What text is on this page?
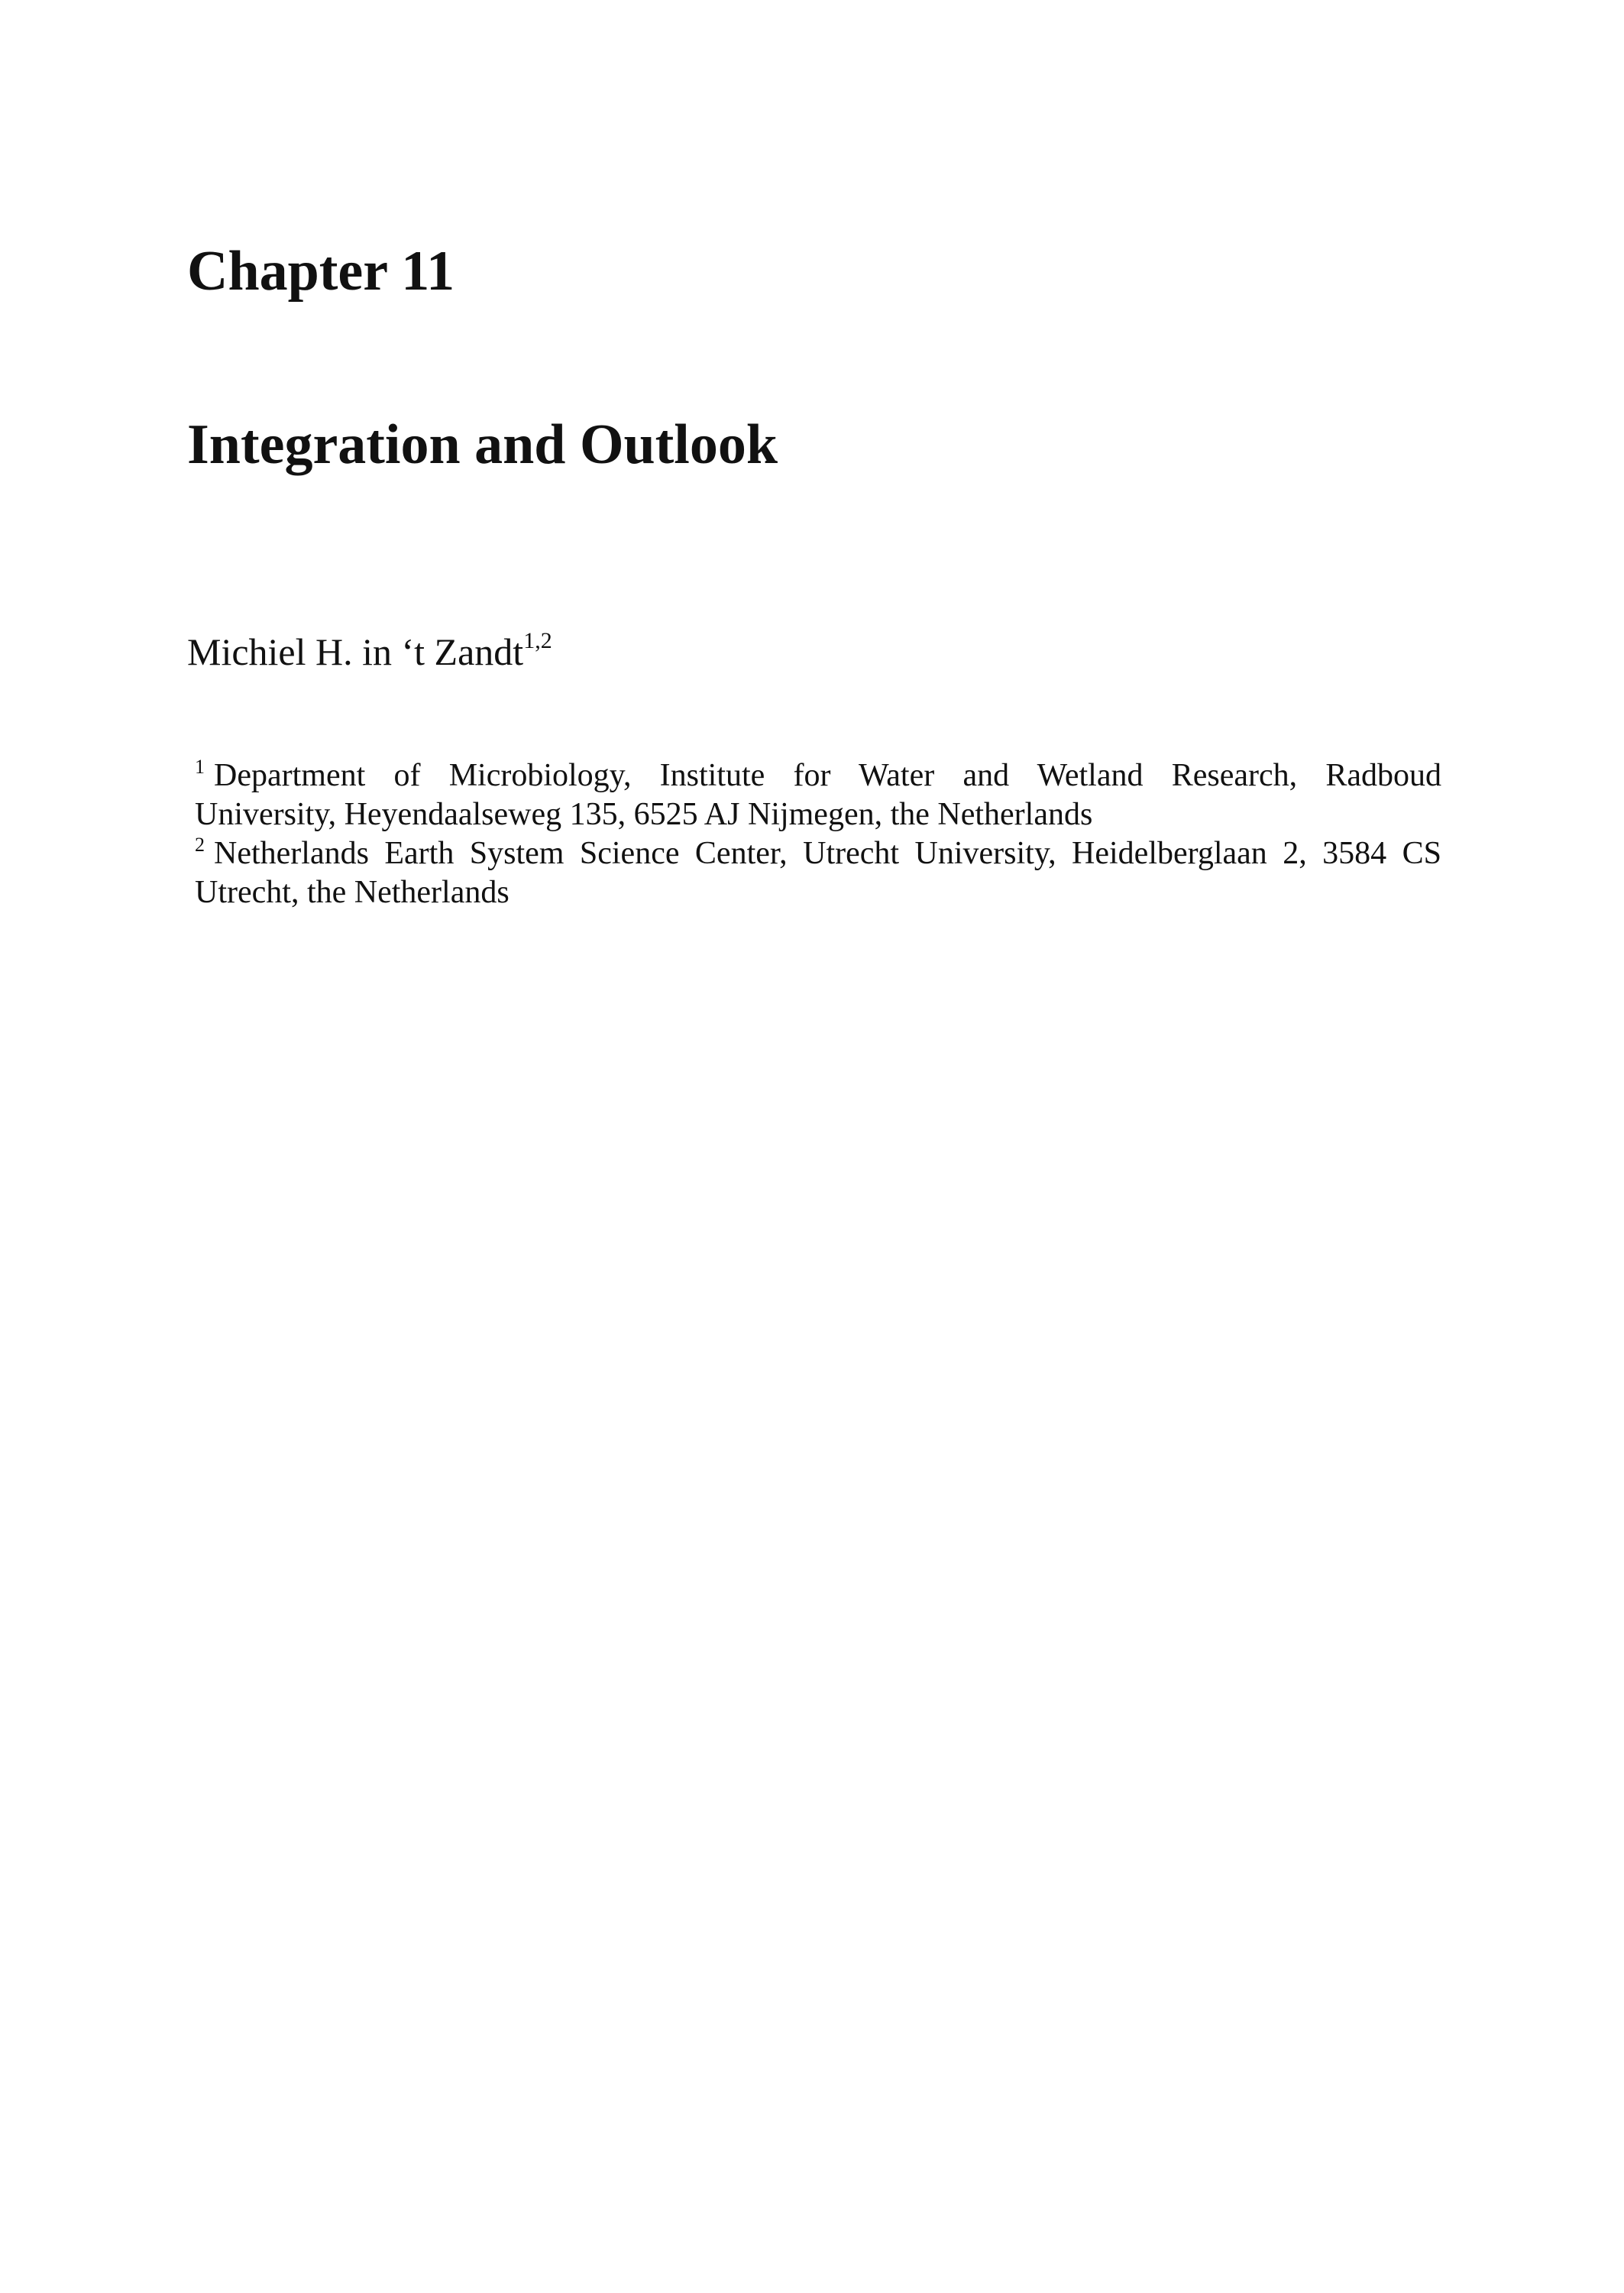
Chapter 11
Integration and Outlook

Michiel H. in ‘t Zandt$^{1,2}$

$^1$ Department of Microbiology, Institute for Water and Wetland Research, Radboud
University, Heyendaalseweg 135, 6525 AJ Nijmegen, the Netherlands
$^2$ Netherlands Earth System Science Center, Utrecht University, Heidelberglaan 2, 3584 CS
Utrecht, the Netherlands
